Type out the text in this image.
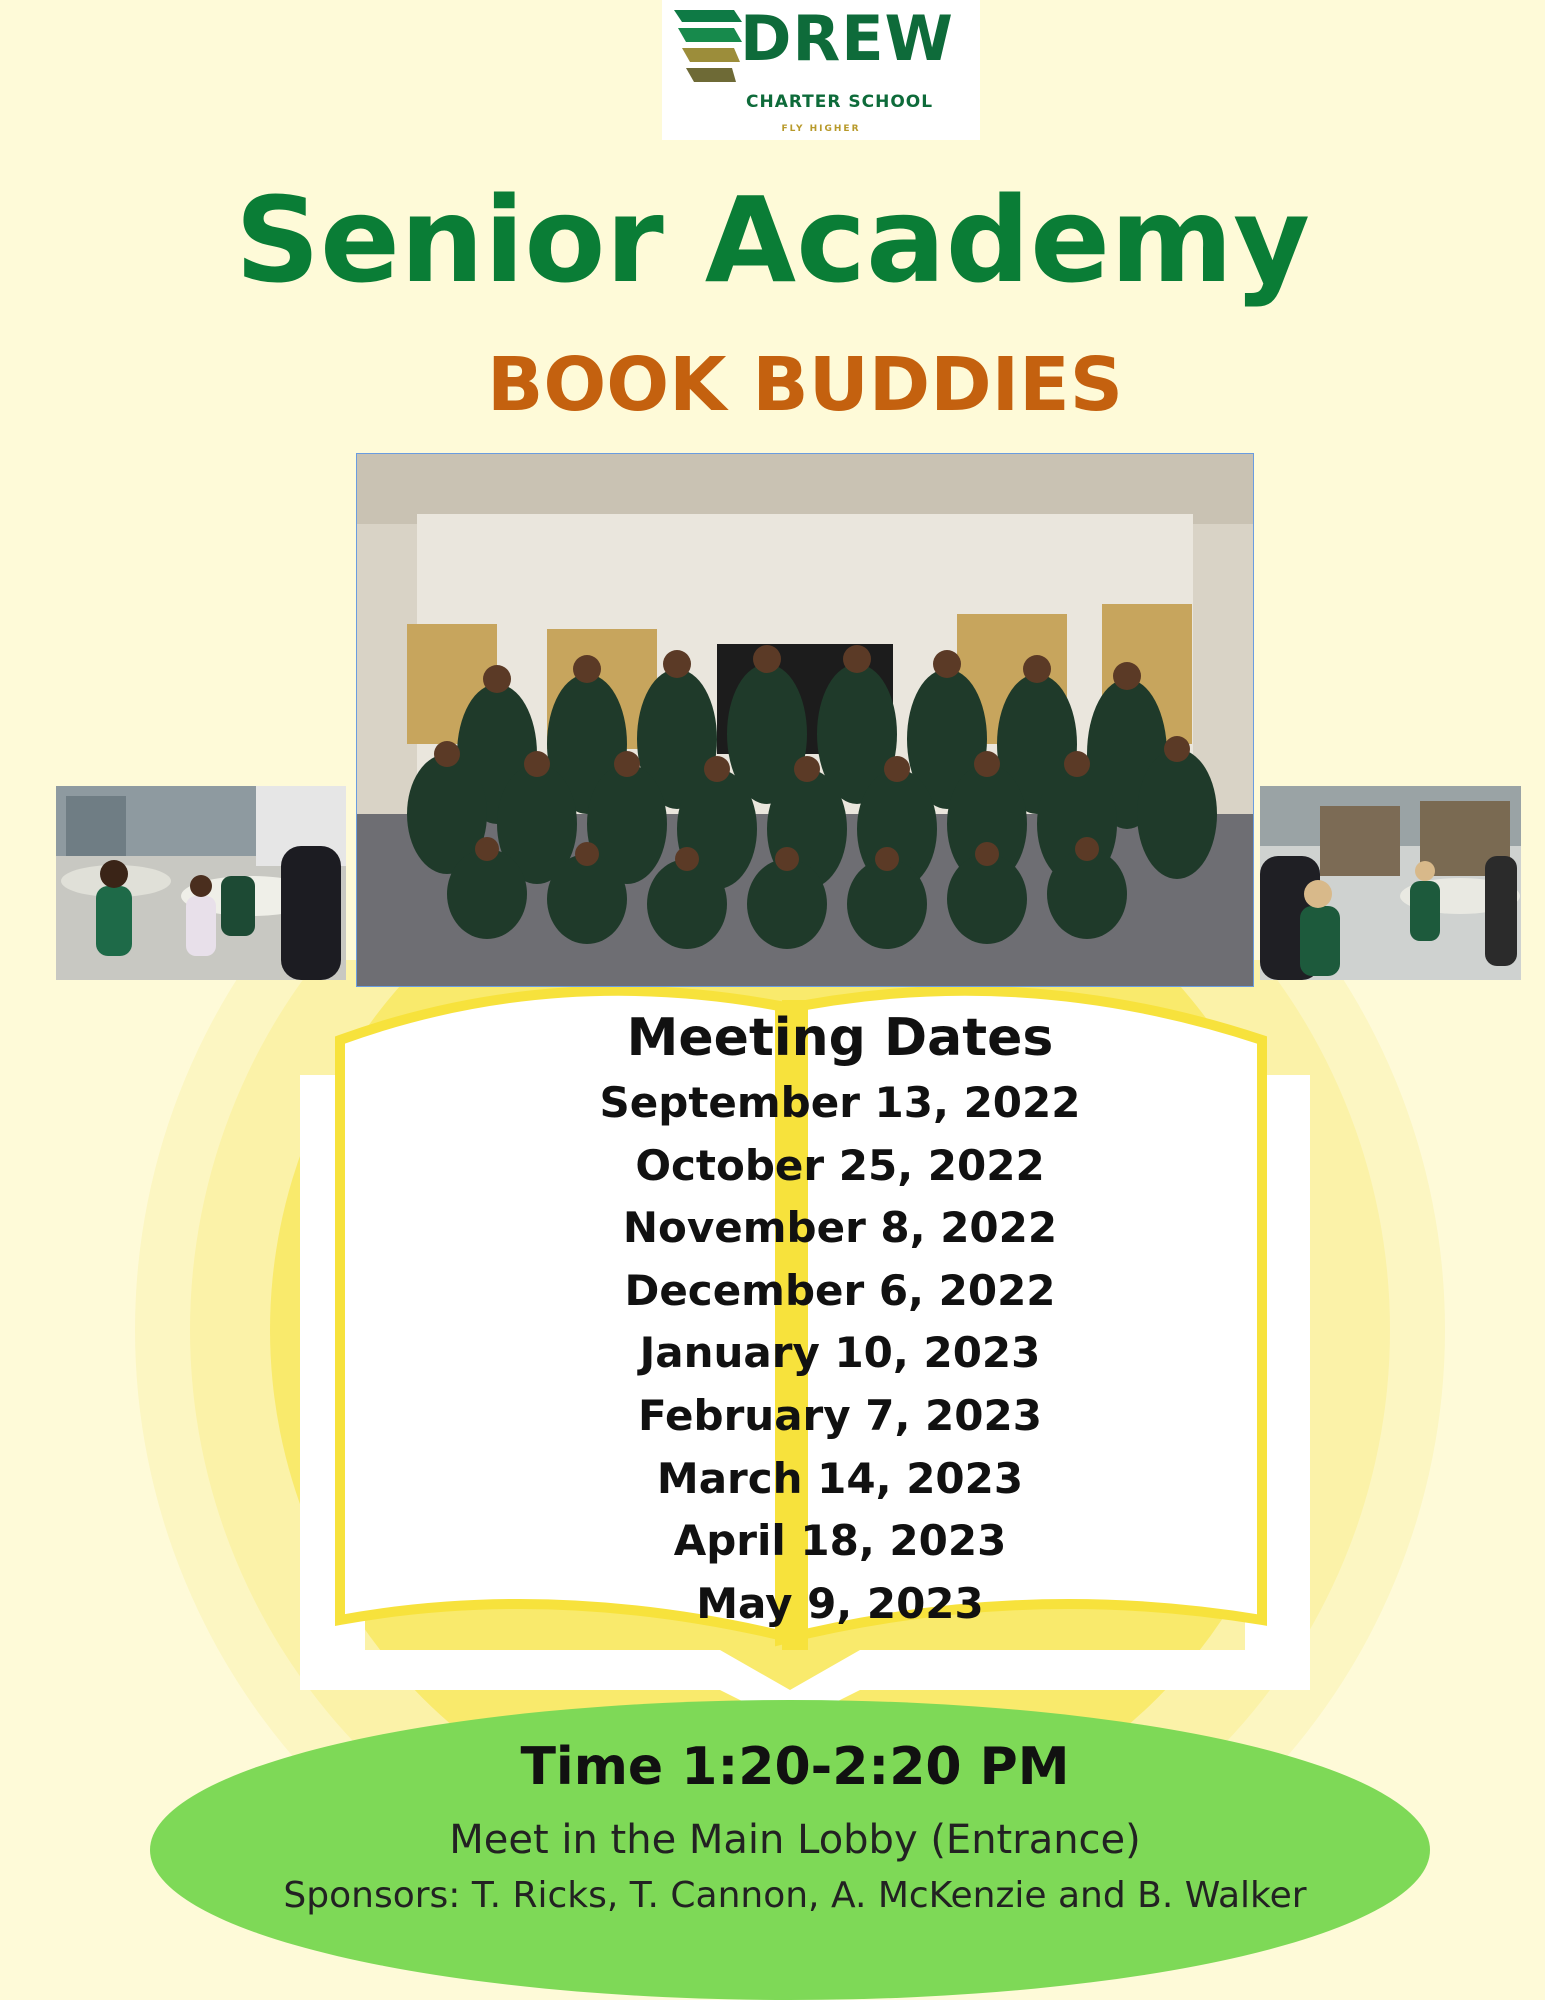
DREW
CHARTER SCHOOL
FLY HIGHER
Senior Academy
BOOK BUDDIES
Meeting Dates
September 13, 2022
October 25, 2022
November 8, 2022
December 6, 2022
January 10, 2023
February 7, 2023
March 14, 2023
April 18, 2023
May 9, 2023
Time 1:20-2:20 PM
Meet in the Main Lobby (Entrance)
Sponsors: T. Ricks, T. Cannon, A. McKenzie and B. Walker
